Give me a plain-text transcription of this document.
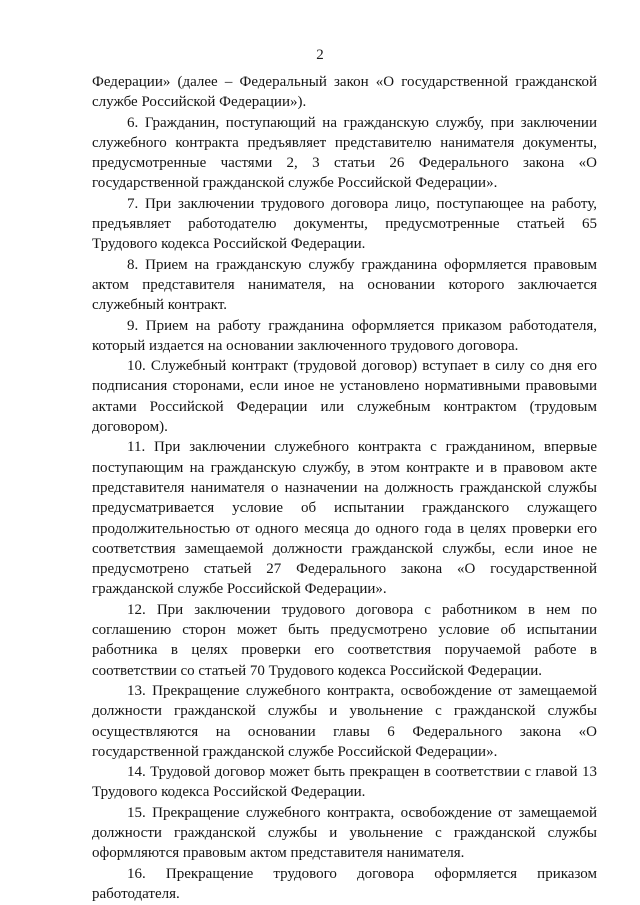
2

Федерации» (далее – Федеральный закон «О государственной гражданской службе Российской Федерации»).

6. Гражданин, поступающий на гражданскую службу, при заключении служебного контракта предъявляет представителю нанимателя документы, предусмотренные частями 2, 3 статьи 26 Федерального закона «О государственной гражданской службе Российской Федерации».

7. При заключении трудового договора лицо, поступающее на работу, предъявляет работодателю документы, предусмотренные статьей 65 Трудового кодекса Российской Федерации.

8. Прием на гражданскую службу гражданина оформляется правовым актом представителя нанимателя, на основании которого заключается служебный контракт.

9. Прием на работу гражданина оформляется приказом работодателя, который издается на основании заключенного трудового договора.

10. Служебный контракт (трудовой договор) вступает в силу со дня его подписания сторонами, если иное не установлено нормативными правовыми актами Российской Федерации или служебным контрактом (трудовым договором).

11. При заключении служебного контракта с гражданином, впервые поступающим на гражданскую службу, в этом контракте и в правовом акте представителя нанимателя о назначении на должность гражданской службы предусматривается условие об испытании гражданского служащего продолжительностью от одного месяца до одного года в целях проверки его соответствия замещаемой должности гражданской службы, если иное не предусмотрено статьей 27 Федерального закона «О государственной гражданской службе Российской Федерации».

12. При заключении трудового договора с работником в нем по соглашению сторон может быть предусмотрено условие об испытании работника в целях проверки его соответствия поручаемой работе в соответствии со статьей 70 Трудового кодекса Российской Федерации.

13. Прекращение служебного контракта, освобождение от замещаемой должности гражданской службы и увольнение с гражданской службы осуществляются на основании главы 6 Федерального закона «О государственной гражданской службе Российской Федерации».

14. Трудовой договор может быть прекращен в соответствии с главой 13 Трудового кодекса Российской Федерации.

15. Прекращение служебного контракта, освобождение от замещаемой должности гражданской службы и увольнение с гражданской службы оформляются правовым актом представителя нанимателя.

16. Прекращение трудового договора оформляется приказом работодателя.
